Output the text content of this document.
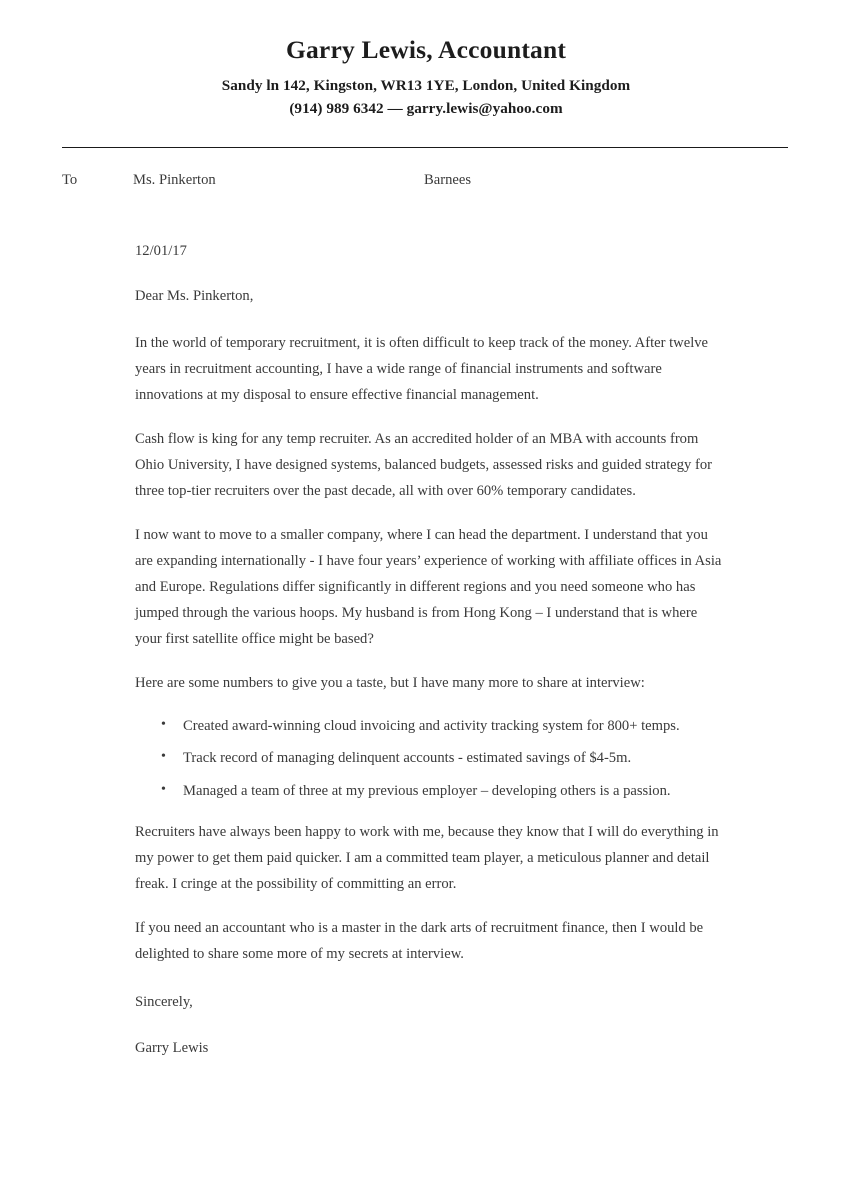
Garry Lewis, Accountant
Sandy ln 142, Kingston, WR13 1YE, London, United Kingdom
(914) 989 6342 — garry.lewis@yahoo.com
To	Ms. Pinkerton	Barnees
12/01/17
Dear Ms. Pinkerton,

In the world of temporary recruitment, it is often difficult to keep track of the money. After twelve years in recruitment accounting, I have a wide range of financial instruments and software innovations at my disposal to ensure effective financial management.

Cash flow is king for any temp recruiter. As an accredited holder of an MBA with accounts from Ohio University, I have designed systems, balanced budgets, assessed risks and guided strategy for three top-tier recruiters over the past decade, all with over 60% temporary candidates.

I now want to move to a smaller company, where I can head the department. I understand that you are expanding internationally - I have four years’ experience of working with affiliate offices in Asia and Europe. Regulations differ significantly in different regions and you need someone who has jumped through the various hoops. My husband is from Hong Kong – I understand that is where your first satellite office might be based?

Here are some numbers to give you a taste, but I have many more to share at interview:

• Created award-winning cloud invoicing and activity tracking system for 800+ temps.
• Track record of managing delinquent accounts - estimated savings of $4-5m.
• Managed a team of three at my previous employer – developing others is a passion.

Recruiters have always been happy to work with me, because they know that I will do everything in my power to get them paid quicker. I am a committed team player, a meticulous planner and detail freak. I cringe at the possibility of committing an error.

If you need an accountant who is a master in the dark arts of recruitment finance, then I would be delighted to share some more of my secrets at interview.

Sincerely,
Garry Lewis
